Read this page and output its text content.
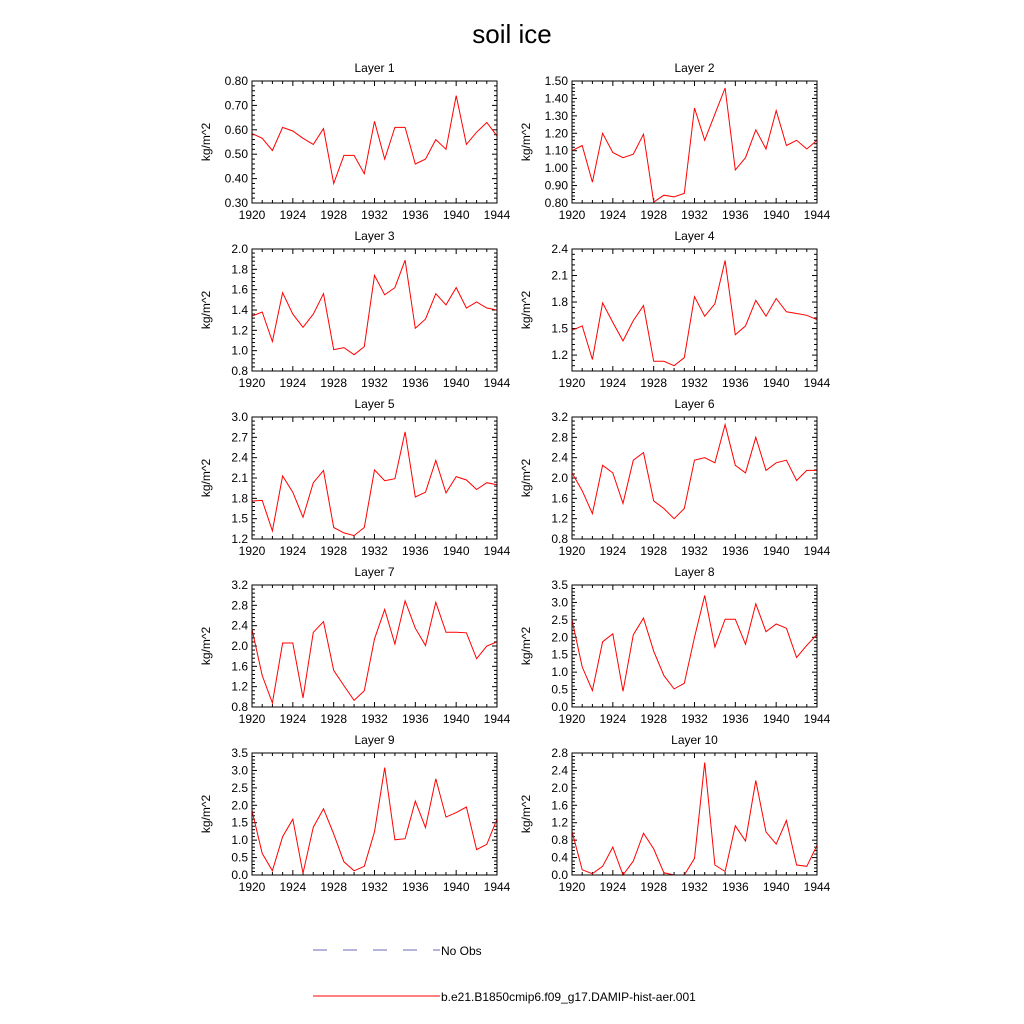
soil ice
Layer 1
kg/m^2
1920 1924 1928 1932 1936 1940 1944
0.30
0.40
0.50
0.60
0.70
0.80
Layer 2
kg/m^2
1920 1924 1928 1932 1936 1940 1944
0.80
0.90
1.00
1.10
1.20
1.30
1.40
1.50
Layer 3
kg/m^2
1920 1924 1928 1932 1936 1940 1944
0.8
1.0
1.2
1.4
1.6
1.8
2.0
Layer 4
kg/m^2
1920 1924 1928 1932 1936 1940 1944
1.2
1.5
1.8
2.1
2.4
Layer 5
kg/m^2
1920 1924 1928 1932 1936 1940 1944
1.2
1.5
1.8
2.1
2.4
2.7
3.0
Layer 6
kg/m^2
1920 1924 1928 1932 1936 1940 1944
0.8
1.2
1.6
2.0
2.4
2.8
3.2
Layer 7
kg/m^2
1920 1924 1928 1932 1936 1940 1944
0.8
1.2
1.6
2.0
2.4
2.8
3.2
Layer 8
kg/m^2
1920 1924 1928 1932 1936 1940 1944
0.0
0.5
1.0
1.5
2.0
2.5
3.0
3.5
Layer 9
kg/m^2
1920 1924 1928 1932 1936 1940 1944
0.0
0.5
1.0
1.5
2.0
2.5
3.0
3.5
Layer 10
kg/m^2
1920 1924 1928 1932 1936 1940 1944
0.0
0.4
0.8
1.2
1.6
2.0
2.4
2.8
No Obs
b.e21.B1850cmip6.f09_g17.DAMIP-hist-aer.001
